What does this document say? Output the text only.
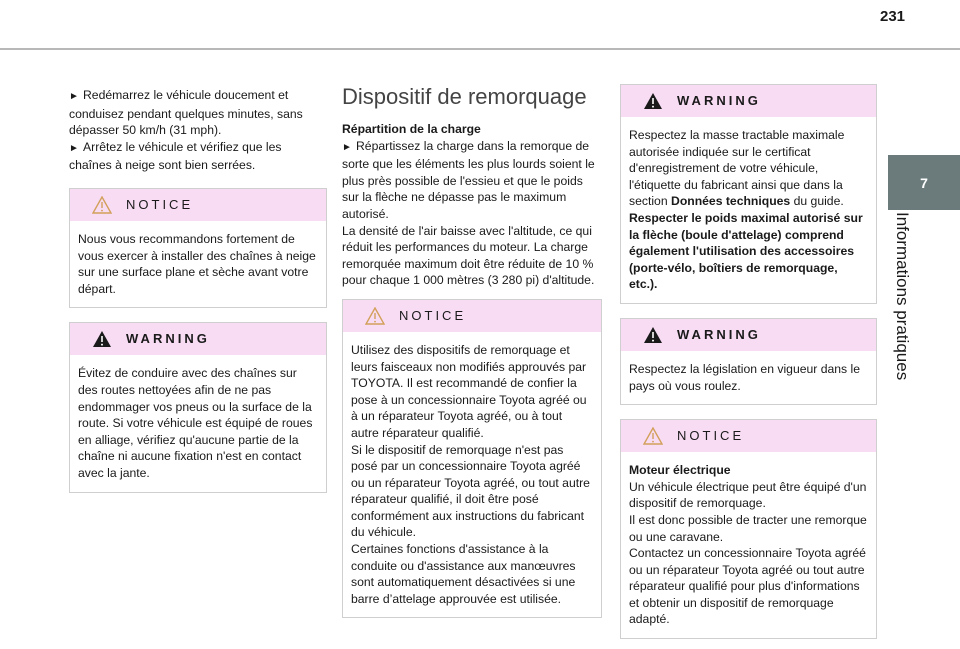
231
7
Informations pratiques

► Redémarrez le véhicule doucement et conduisez pendant quelques minutes, sans dépasser 50 km/h (31 mph).

► Arrêtez le véhicule et vérifiez que les chaînes à neige sont bien serrées.

NOTICE
Nous vous recommandons fortement de vous exercer à installer des chaînes à neige sur une surface plane et sèche avant votre départ.
WARNING
Évitez de conduire avec des chaînes sur des routes nettoyées afin de ne pas endommager vos pneus ou la surface de la route. Si votre véhicule est équipé de roues en alliage, vérifiez qu'aucune partie de la chaîne ni aucune fixation n'est en contact avec la jante.
Dispositif de remorquage

Répartition de la charge

► Répartissez la charge dans la remorque de sorte que les éléments les plus lourds soient le plus près possible de l'essieu et que le poids sur la flèche ne dépasse pas le maximum autorisé.

La densité de l'air baisse avec l'altitude, ce qui réduit les performances du moteur. La charge remorquée maximum doit être réduite de 10 % pour chaque 1 000 mètres (3 280 pi) d'altitude.

NOTICE

Utilisez des dispositifs de remorquage et leurs faisceaux non modifiés approuvés par TOYOTA. Il est recommandé de confier la pose à un concessionnaire Toyota agréé ou à un réparateur Toyota agréé, ou à tout autre réparateur qualifié.

Si le dispositif de remorquage n'est pas posé par un concessionnaire Toyota agréé ou un réparateur Toyota agréé, ou tout autre réparateur qualifié, il doit être posé conformément aux instructions du fabricant du véhicule.

Certaines fonctions d'assistance à la conduite ou d'assistance aux manœuvres sont automatiquement désactivées si une barre d’attelage approuvée est utilisée.

WARNING

Respectez la masse tractable maximale autorisée indiquée sur le certificat d'enregistrement de votre véhicule, l'étiquette du fabricant ainsi que dans la section Données techniques du guide.

Respecter le poids maximal autorisé sur la flèche (boule d'attelage) comprend également l'utilisation des accessoires (porte-vélo, boîtiers de remorquage, etc.).

WARNING
Respectez la législation en vigueur dans le pays où vous roulez.
NOTICE

Moteur électrique

Un véhicule électrique peut être équipé d'un dispositif de remorquage.

Il est donc possible de tracter une remorque ou une caravane.

Contactez un concessionnaire Toyota agréé ou un réparateur Toyota agréé ou tout autre réparateur qualifié pour plus d'informations et obtenir un dispositif de remorquage adapté.
